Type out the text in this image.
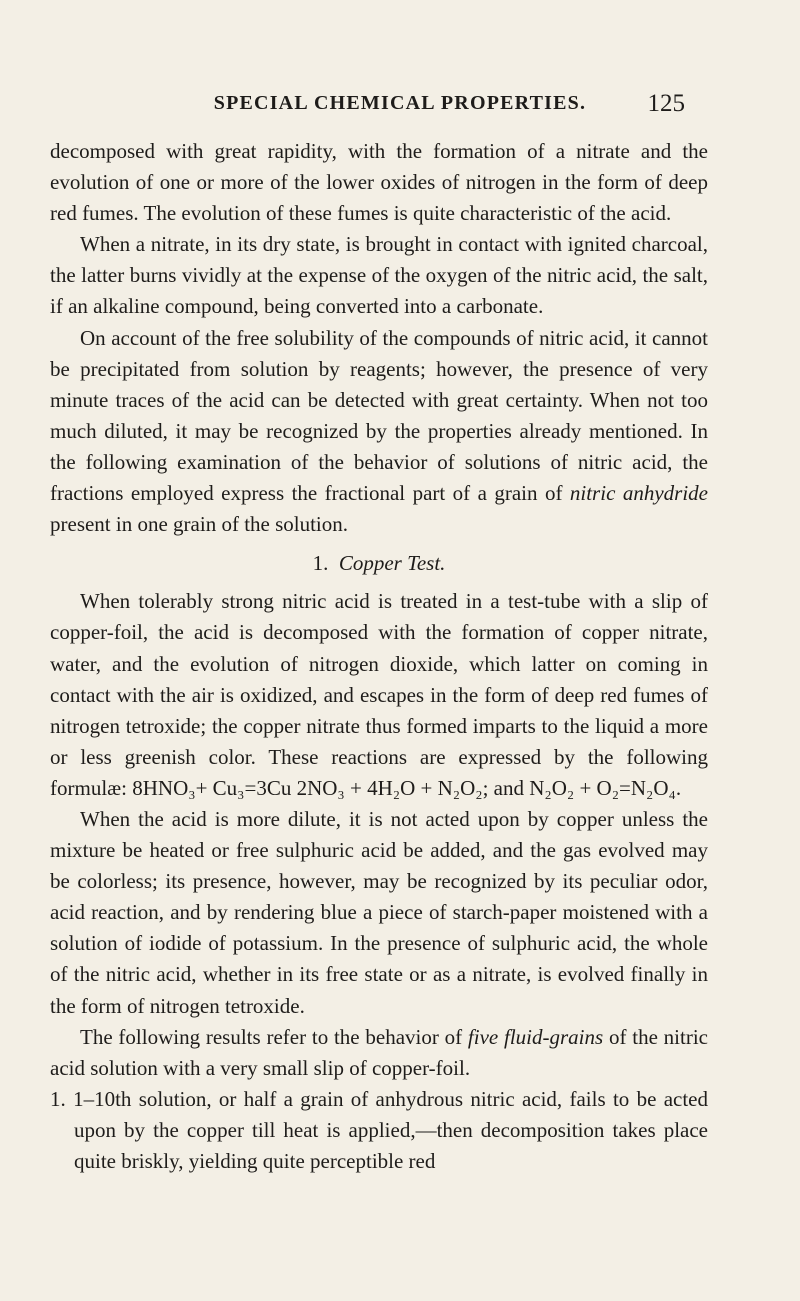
SPECIAL CHEMICAL PROPERTIES.	125

decomposed with great rapidity, with the formation of a nitrate and the evolution of one or more of the lower oxides of nitrogen in the form of deep red fumes. The evolution of these fumes is quite characteristic of the acid.

When a nitrate, in its dry state, is brought in contact with ignited charcoal, the latter burns vividly at the expense of the oxygen of the nitric acid, the salt, if an alkaline compound, being converted into a carbonate.

On account of the free solubility of the compounds of nitric acid, it cannot be precipitated from solution by reagents; however, the presence of very minute traces of the acid can be detected with great certainty. When not too much diluted, it may be recognized by the properties already mentioned. In the following examination of the behavior of solutions of nitric acid, the fractions employed express the fractional part of a grain of nitric anhydride present in one grain of the solution.

1. Copper Test.

When tolerably strong nitric acid is treated in a test-tube with a slip of copper-foil, the acid is decomposed with the formation of copper nitrate, water, and the evolution of nitrogen dioxide, which latter on coming in contact with the air is oxidized, and escapes in the form of deep red fumes of nitrogen tetroxide; the copper nitrate thus formed imparts to the liquid a more or less greenish color. These reactions are expressed by the following formulæ: 8HNO₃+ Cu₃=3Cu 2NO₃ + 4H₂O + N₂O₂; and N₂O₂ + O₂=N₂O₄.

When the acid is more dilute, it is not acted upon by copper unless the mixture be heated or free sulphuric acid be added, and the gas evolved may be colorless; its presence, however, may be recognized by its peculiar odor, acid reaction, and by rendering blue a piece of starch-paper moistened with a solution of iodide of potassium. In the presence of sulphuric acid, the whole of the nitric acid, whether in its free state or as a nitrate, is evolved finally in the form of nitrogen tetroxide.

The following results refer to the behavior of five fluid-grains of the nitric acid solution with a very small slip of copper-foil.

1. 1–10th solution, or half a grain of anhydrous nitric acid, fails to be acted upon by the copper till heat is applied,—then decomposition takes place quite briskly, yielding quite perceptible red
